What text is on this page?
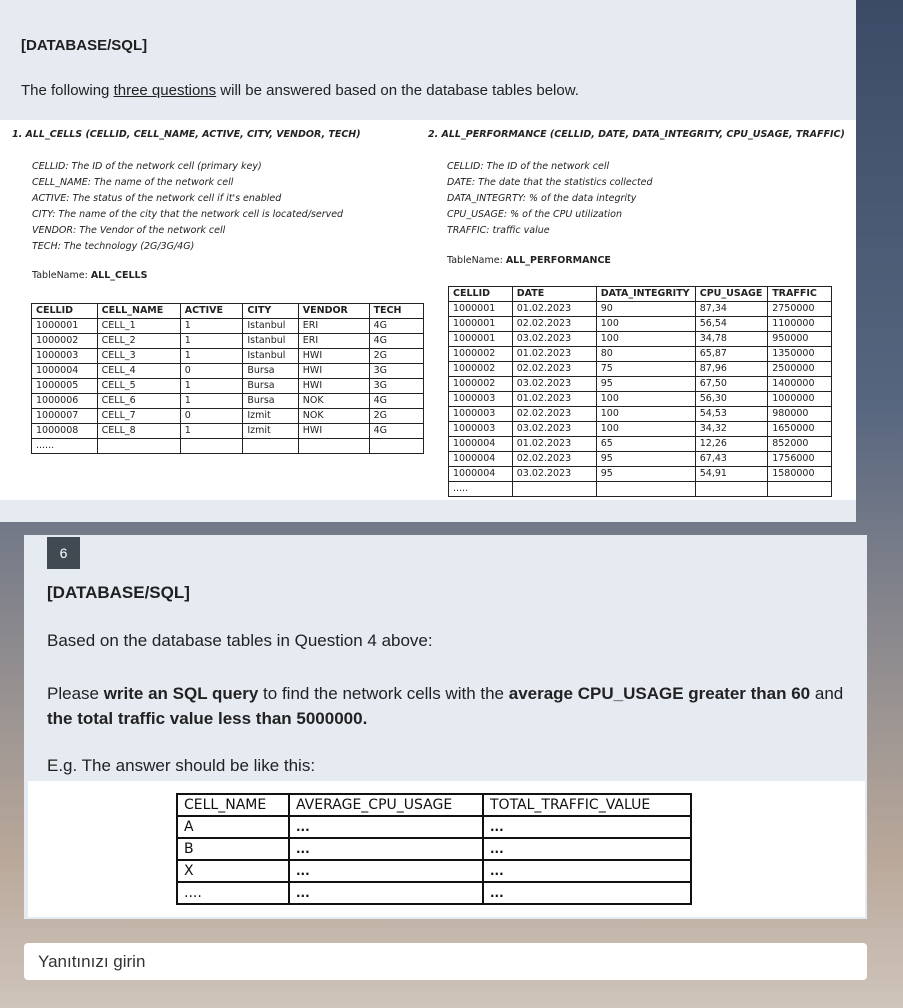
[DATABASE/SQL]
The following three questions will be answered based on the database tables below.
1. ALL_CELLS (CELLID, CELL_NAME, ACTIVE, CITY, VENDOR, TECH)
CELLID: The ID of the network cell (primary key)
CELL_NAME: The name of the network cell
ACTIVE: The status of the network cell if it's enabled
CITY: The name of the city that the network cell is located/served
VENDOR: The Vendor of the network cell
TECH: The technology (2G/3G/4G)
TableName: ALL_CELLS
CELLID	CELL_NAME	ACTIVE	CITY	VENDOR	TECH
1000001	CELL_1	1	Istanbul	ERI	4G
1000002	CELL_2	1	Istanbul	ERI	4G
1000003	CELL_3	1	Istanbul	HWI	2G
1000004	CELL_4	0	Bursa	HWI	3G
1000005	CELL_5	1	Bursa	HWI	3G
1000006	CELL_6	1	Bursa	NOK	4G
1000007	CELL_7	0	Izmit	NOK	2G
1000008	CELL_8	1	Izmit	HWI	4G
......					
2. ALL_PERFORMANCE (CELLID, DATE, DATA_INTEGRITY, CPU_USAGE, TRAFFIC)
CELLID: The ID of the network cell
DATE: The date that the statistics collected
DATA_INTEGRTY: % of the data integrity
CPU_USAGE: % of the CPU utilization
TRAFFIC: traffic value
TableName: ALL_PERFORMANCE
CELLID	DATE	DATA_INTEGRITY	CPU_USAGE	TRAFFIC
1000001	01.02.2023	90	87,34	2750000
1000001	02.02.2023	100	56,54	1100000
1000001	03.02.2023	100	34,78	950000
1000002	01.02.2023	80	65,87	1350000
1000002	02.02.2023	75	87,96	2500000
1000002	03.02.2023	95	67,50	1400000
1000003	01.02.2023	100	56,30	1000000
1000003	02.02.2023	100	54,53	980000
1000003	03.02.2023	100	34,32	1650000
1000004	01.02.2023	65	12,26	852000
1000004	02.02.2023	95	67,43	1756000
1000004	03.02.2023	95	54,91	1580000
.....				
6
[DATABASE/SQL]
Based on the database tables in Question 4 above:
Please write an SQL query to find the network cells with the average CPU_USAGE greater than 60 and the total traffic value less than 5000000.
E.g. The answer should be like this:
CELL_NAME	AVERAGE_CPU_USAGE	TOTAL_TRAFFIC_VALUE
A	...	...
B	...	...
X	...	...
....	...	...
Yanıtınızı girin
